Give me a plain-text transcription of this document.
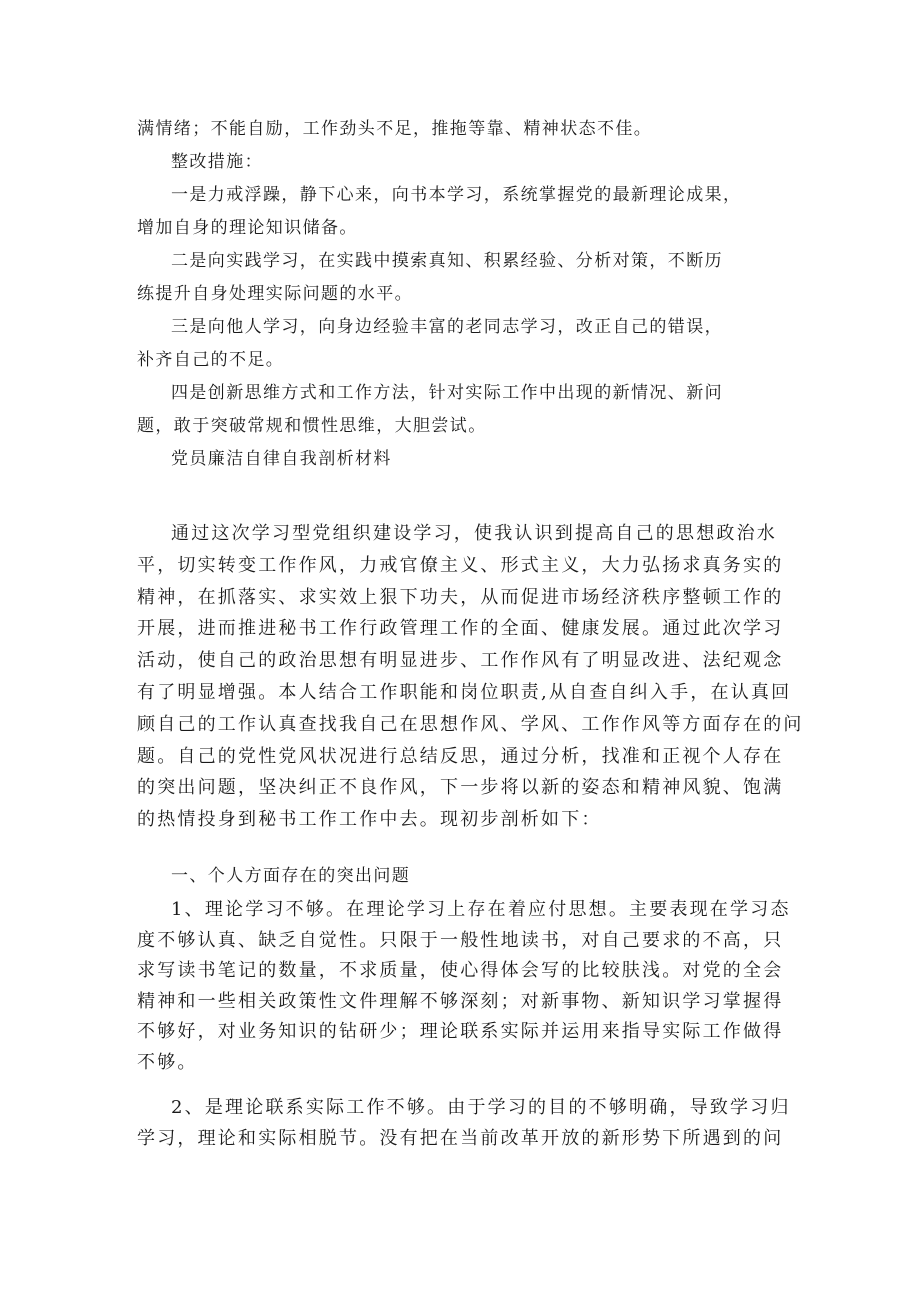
满情绪；不能自励，工作劲头不足，推拖等靠、精神状态不佳。
整改措施：
一是力戒浮躁，静下心来，向书本学习，系统掌握党的最新理论成果，
增加自身的理论知识储备。
二是向实践学习，在实践中摸索真知、积累经验、分析对策，不断历
练提升自身处理实际问题的水平。
三是向他人学习，向身边经验丰富的老同志学习，改正自己的错误，
补齐自己的不足。
四是创新思维方式和工作方法，针对实际工作中出现的新情况、新问
题，敢于突破常规和惯性思维，大胆尝试。
党员廉洁自律自我剖析材料
通过这次学习型党组织建设学习，使我认识到提高自己的思想政治水
平，切实转变工作作风，力戒官僚主义、形式主义，大力弘扬求真务实的
精神，在抓落实、求实效上狠下功夫，从而促进市场经济秩序整顿工作的
开展，进而推进秘书工作行政管理工作的全面、健康发展。通过此次学习
活动，使自己的政治思想有明显进步、工作作风有了明显改进、法纪观念
有了明显增强。本人结合工作职能和岗位职责,从自查自纠入手，在认真回
顾自己的工作认真查找我自己在思想作风、学风、工作作风等方面存在的问
题。自己的党性党风状况进行总结反思，通过分析，找准和正视个人存在
的突出问题，坚决纠正不良作风，下一步将以新的姿态和精神风貌、饱满
的热情投身到秘书工作工作中去。现初步剖析如下：
一、个人方面存在的突出问题
1、理论学习不够。在理论学习上存在着应付思想。主要表现在学习态
度不够认真、缺乏自觉性。只限于一般性地读书，对自己要求的不高，只
求写读书笔记的数量，不求质量，使心得体会写的比较肤浅。对党的全会
精神和一些相关政策性文件理解不够深刻；对新事物、新知识学习掌握得
不够好，对业务知识的钻研少；理论联系实际并运用来指导实际工作做得
不够。
2、是理论联系实际工作不够。由于学习的目的不够明确，导致学习归
学习，理论和实际相脱节。没有把在当前改革开放的新形势下所遇到的问
